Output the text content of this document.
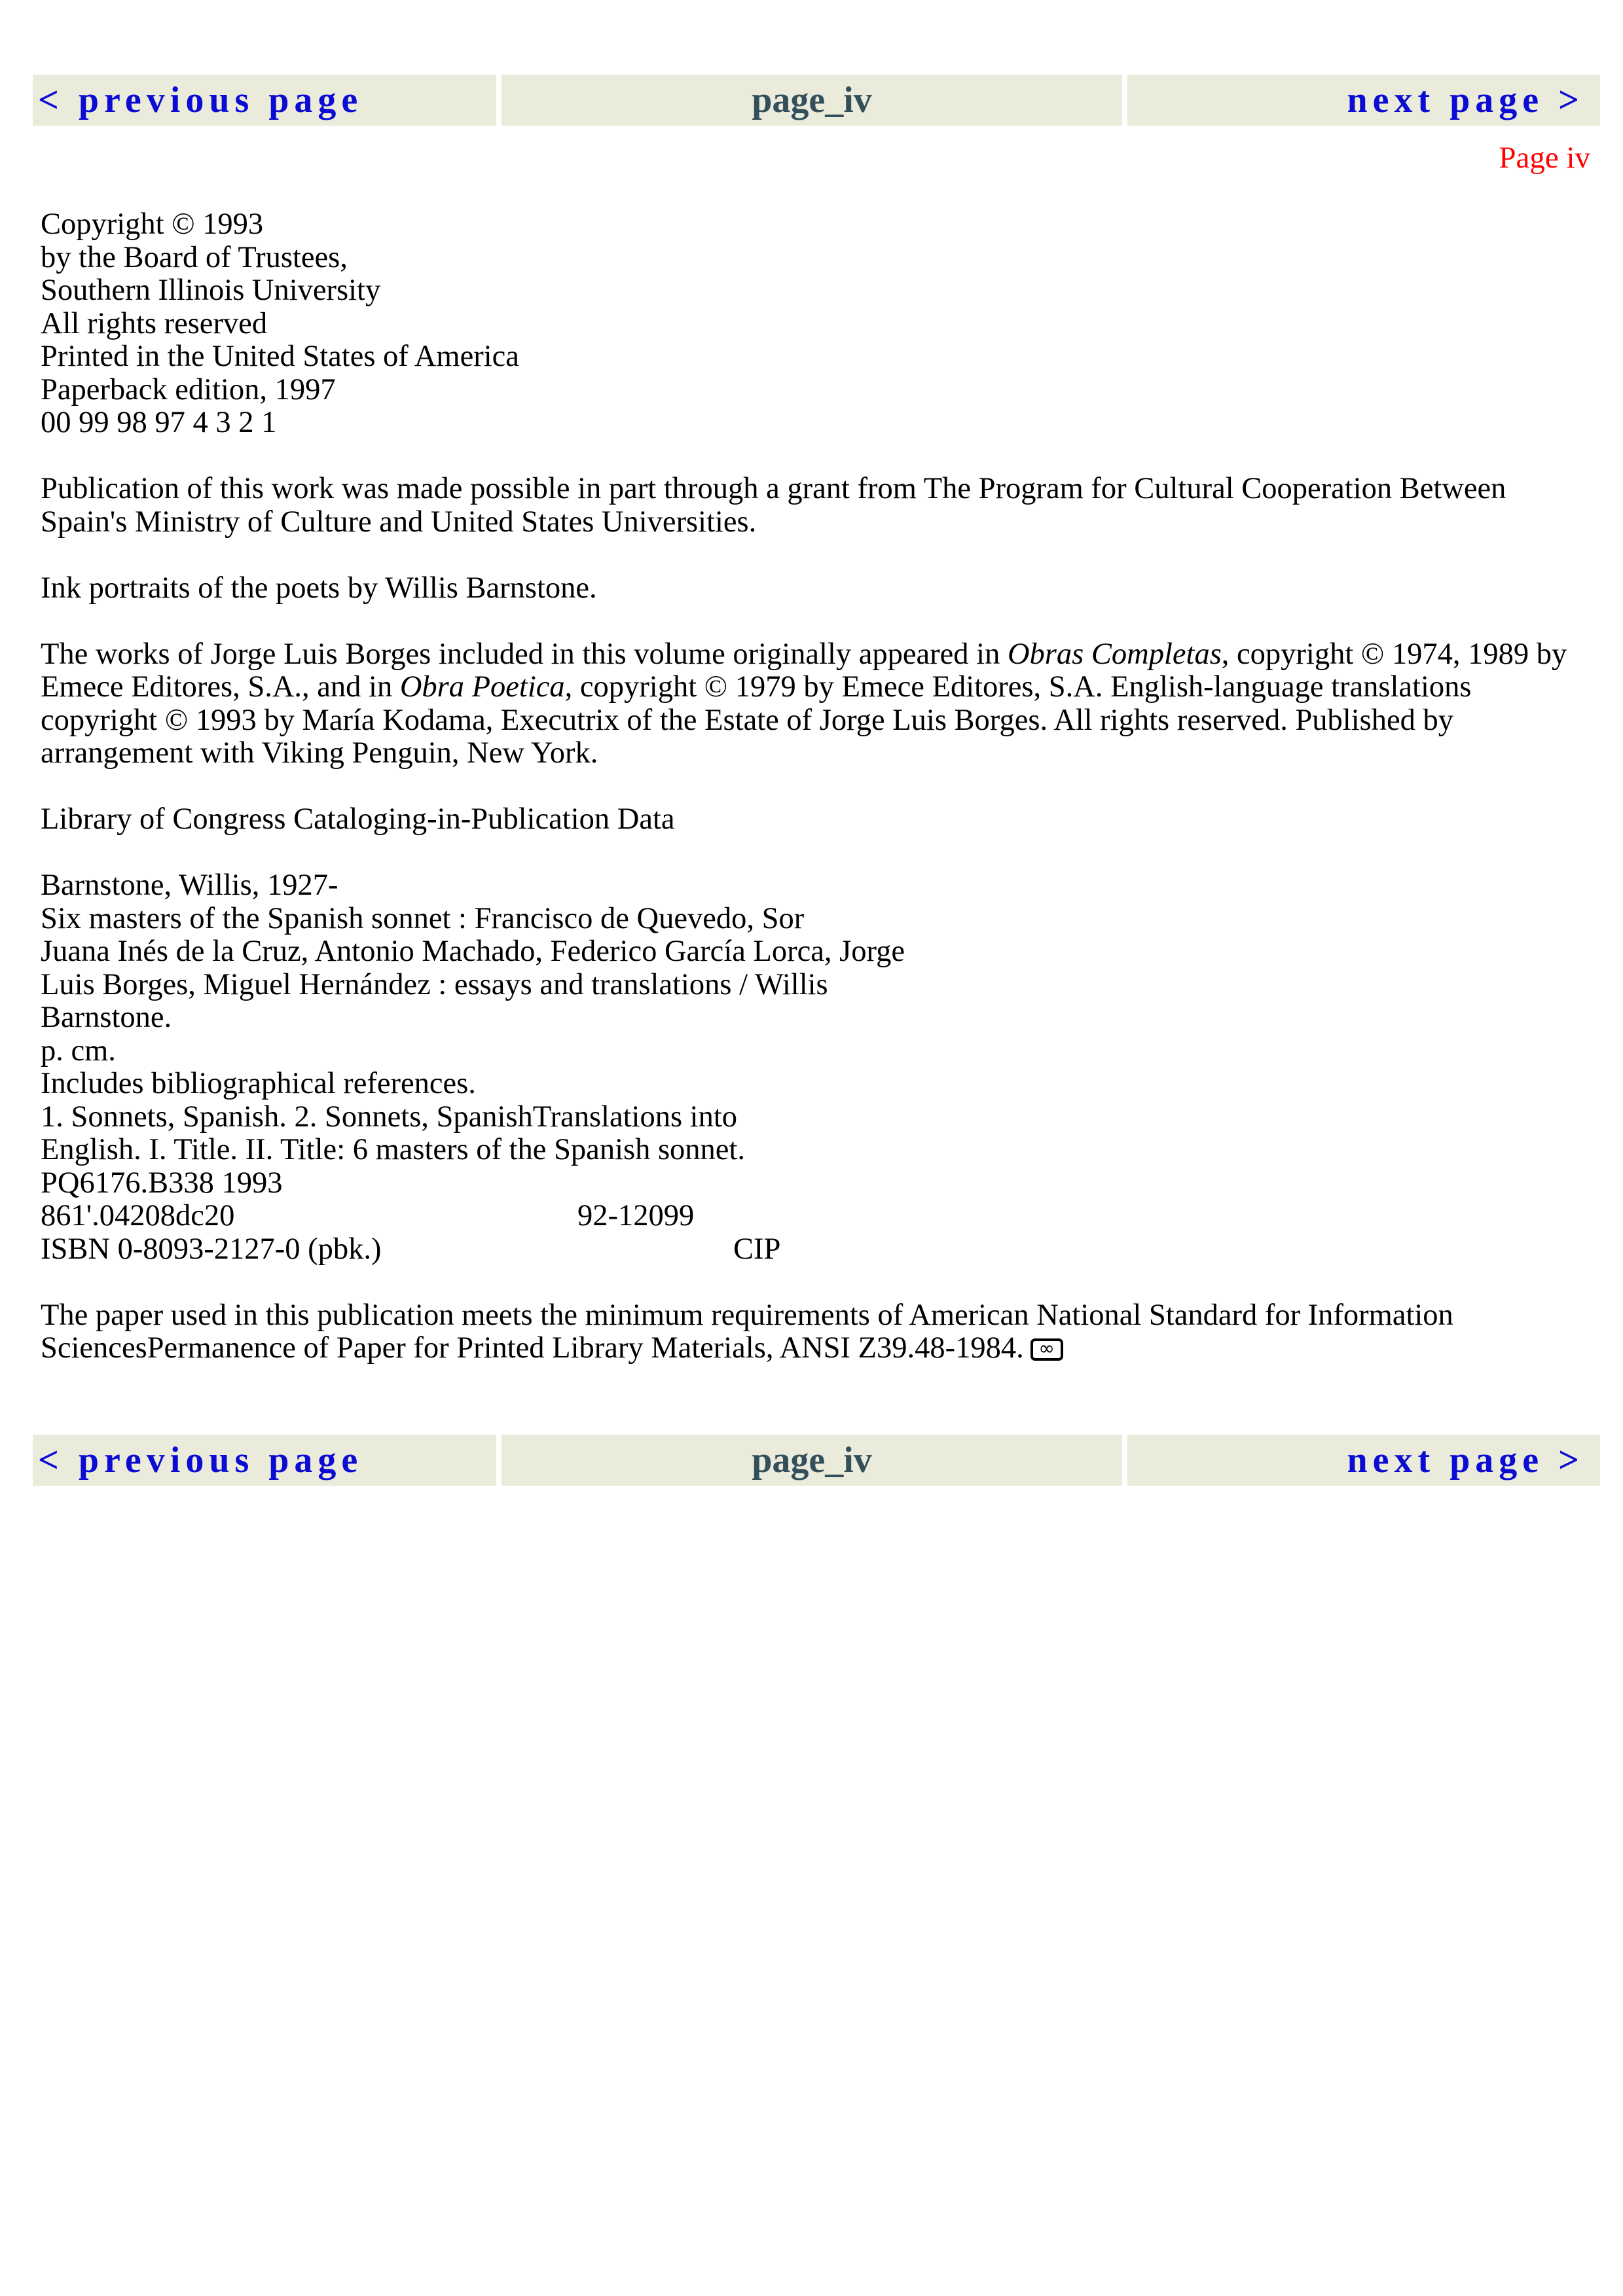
< previous page	page_iv	next page >
Page iv
Copyright © 1993
by the Board of Trustees,
Southern Illinois University
All rights reserved
Printed in the United States of America
Paperback edition, 1997
00 99 98 97 4 3 2 1
Publication of this work was made possible in part through a grant from The Program for Cultural Cooperation Between Spain's Ministry of Culture and United States Universities.
Ink portraits of the poets by Willis Barnstone.
The works of Jorge Luis Borges included in this volume originally appeared in Obras Completas, copyright © 1974, 1989 by Emece Editores, S.A., and in Obra Poetica, copyright © 1979 by Emece Editores, S.A. English-language translations copyright © 1993 by María Kodama, Executrix of the Estate of Jorge Luis Borges. All rights reserved. Published by arrangement with Viking Penguin, New York.
Library of Congress Cataloging-in-Publication Data
Barnstone, Willis, 1927-
Six masters of the Spanish sonnet : Francisco de Quevedo, Sor
Juana Inés de la Cruz, Antonio Machado, Federico García Lorca, Jorge
Luis Borges, Miguel Hernández : essays and translations / Willis
Barnstone.
p. cm.
Includes bibliographical references.
1. Sonnets, Spanish. 2. Sonnets, SpanishTranslations into
English. I. Title. II. Title: 6 masters of the Spanish sonnet.
PQ6176.B338 1993
861'.04208dc20	92-12099
ISBN 0-8093-2127-0 (pbk.)	CIP
The paper used in this publication meets the minimum requirements of American National Standard for Information SciencesPermanence of Paper for Printed Library Materials, ANSI Z39.48-1984. ∞
< previous page	page_iv	next page >
